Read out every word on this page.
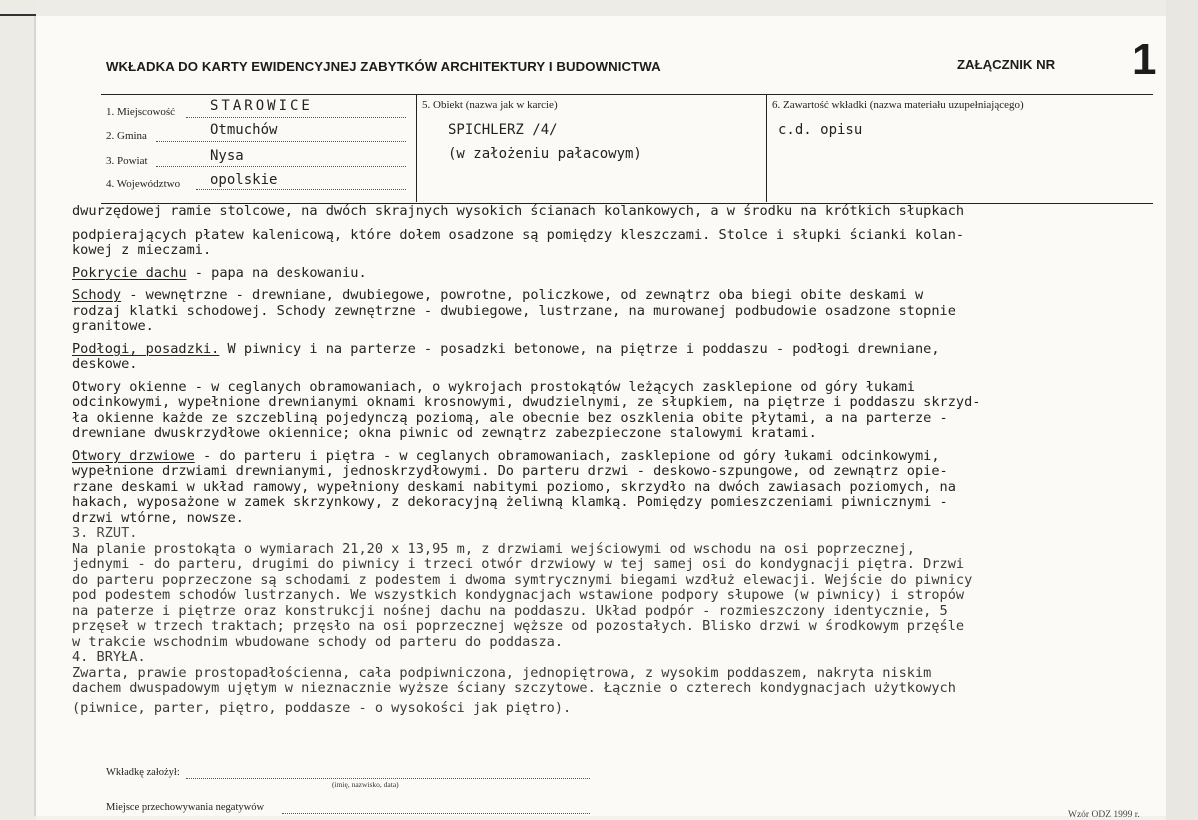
WKŁADKA DO KARTY EWIDENCYJNEJ ZABYTKÓW ARCHITEKTURY I BUDOWNICTWA	ZAŁĄCZNIK NR 1
1. Miejscowość STAROWICE
2. Gmina	Otmuchów
3. Powiat	Nysa
4. Województwo opolskie
5. Obiekt (nazwa jak w karcie)
SPICHLERZ /4/
(w założeniu pałacowym)
6. Zawartość wkładki (nazwa materiału uzupełniającego)
c.d. opisu

dwurzędowej ramie stolcowe, na dwóch skrajnych wysokich ścianach kolankowych, a w środku na krótkich słupkach

podpierających płatew kalenicową, które dołem osadzone są pomiędzy kleszczami. Stolce i słupki ścianki kolan-

kowej z mieczami.

Pokrycie dachu - papa na deskowaniu.

Schody - wewnętrzne - drewniane, dwubiegowe, powrotne, policzkowe, od zewnątrz oba biegi obite deskami w

rodzaj klatki schodowej. Schody zewnętrzne - dwubiegowe, lustrzane, na murowanej podbudowie osadzone stopnie

granitowe.

Podłogi, posadzki. W piwnicy i na parterze - posadzki betonowe, na piętrze i poddaszu - podłogi drewniane,

deskowe.

Otwory okienne - w ceglanych obramowaniach, o wykrojach prostokątów leżących zasklepione od góry łukami

odcinkowymi, wypełnione drewnianymi oknami krosnowymi, dwudzielnymi, ze słupkiem, na piętrze i poddaszu skrzyd-

ła okienne każde ze szczebliną pojedynczą poziomą, ale obecnie bez oszklenia obite płytami, a na parterze -

drewniane dwuskrzydłowe okiennice; okna piwnic od zewnątrz zabezpieczone stalowymi kratami.

Otwory drzwiowe - do parteru i piętra - w ceglanych obramowaniach, zasklepione od góry łukami odcinkowymi,

wypełnione drzwiami drewnianymi, jednoskrzydłowymi. Do parteru drzwi - deskowo-szpungowe, od zewnątrz opie-

rzane deskami w układ ramowy, wypełniony deskami nabitymi poziomo, skrzydło na dwóch zawiasach poziomych, na

hakach, wyposażone w zamek skrzynkowy, z dekoracyjną żeliwną klamką. Pomiędzy pomieszczeniami piwnicznymi -

drzwi wtórne, nowsze.

3. RZUT.

Na planie prostokąta o wymiarach 21,20 x 13,95 m, z drzwiami wejściowymi od wschodu na osi poprzecznej,

jednymi - do parteru, drugimi do piwnicy i trzeci otwór drzwiowy w tej samej osi do kondygnacji piętra. Drzwi

do parteru poprzeczone są schodami z podestem i dwoma symtrycznymi biegami wzdłuż elewacji. Wejście do piwnicy

pod podestem schodów lustrzanych. We wszystkich kondygnacjach wstawione podpory słupowe (w piwnicy) i stropów

na paterze i piętrze oraz konstrukcji nośnej dachu na poddaszu. Układ podpór - rozmieszczony identycznie, 5

przęseł w trzech traktach; przęsło na osi poprzecznej węższe od pozostałych. Blisko drzwi w środkowym przęśle

w trakcie wschodnim wbudowane schody od parteru do poddasza.

4. BRYŁA.

Zwarta, prawie prostopadłościenna, cała podpiwniczona, jednopiętrowa, z wysokim poddaszem, nakryta niskim

dachem dwuspadowym ujętym w nieznacznie wyższe ściany szczytowe. Łącznie o czterech kondygnacjach użytkowych

(piwnice, parter, piętro, poddasze - o wysokości jak piętro).

Wkładkę założył:
(imię, nazwisko, data)
Miejsce przechowywania negatywów
Wzór ODZ 1999 r.
